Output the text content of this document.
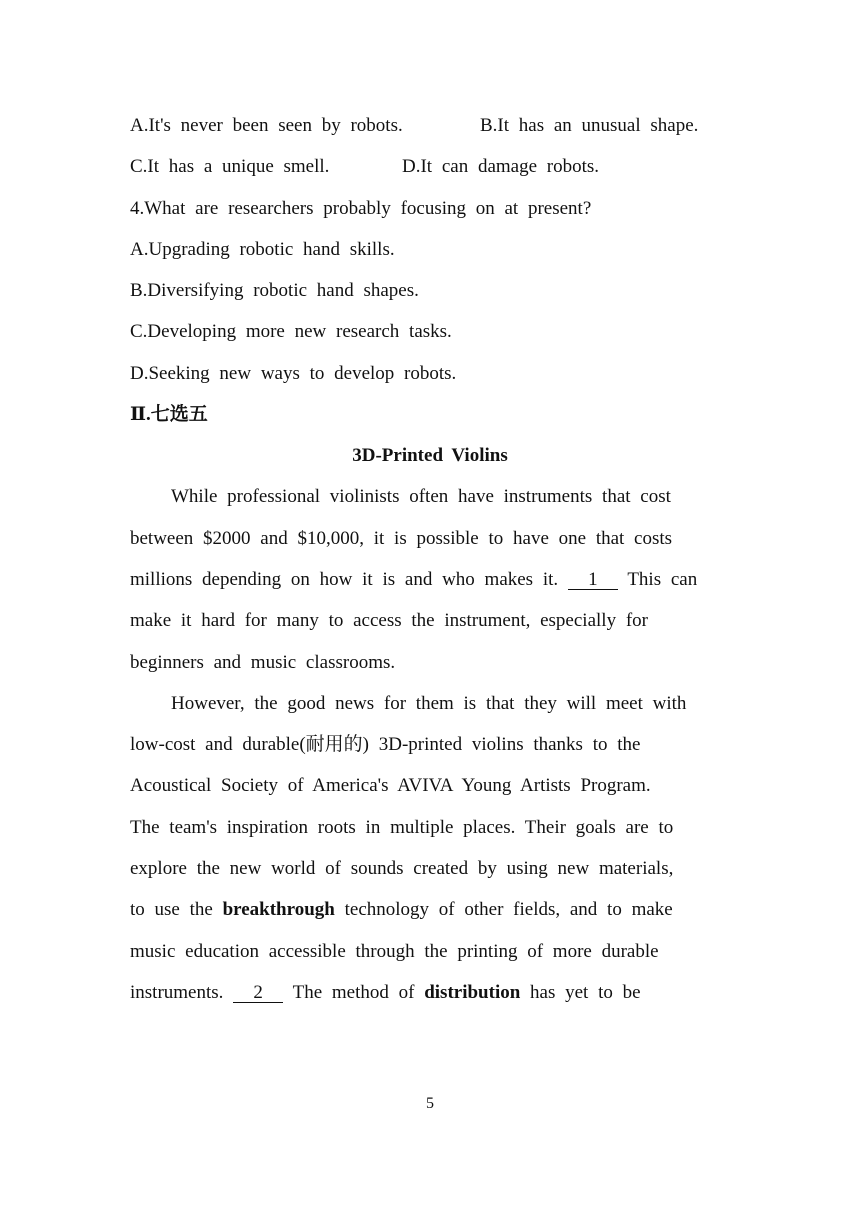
A.It's never been seen by robots.	B.It has an unusual shape.
C.It has a unique smell.	D.It can damage robots.
4.What are researchers probably focusing on at present?
A.Upgrading robotic hand skills.
B.Diversifying robotic hand shapes.
C.Developing more new research tasks.
D.Seeking new ways to develop robots.
Ⅱ.七选五
3D-Printed Violins
While professional violinists often have instruments that cost
between $2000 and $10,000, it is possible to have one that costs
millions depending on how it is and who makes it. 1 This can
make it hard for many to access the instrument, especially for
beginners and music classrooms.
However, the good news for them is that they will meet with
low-cost and durable(耐用的) 3D-printed violins thanks to the
Acoustical Society of America's AVIVA Young Artists Program.
The team's inspiration roots in multiple places. Their goals are to
explore the new world of sounds created by using new materials,
to use the breakthrough technology of other fields, and to make
music education accessible through the printing of more durable
instruments. 2 The method of distribution has yet to be
5
